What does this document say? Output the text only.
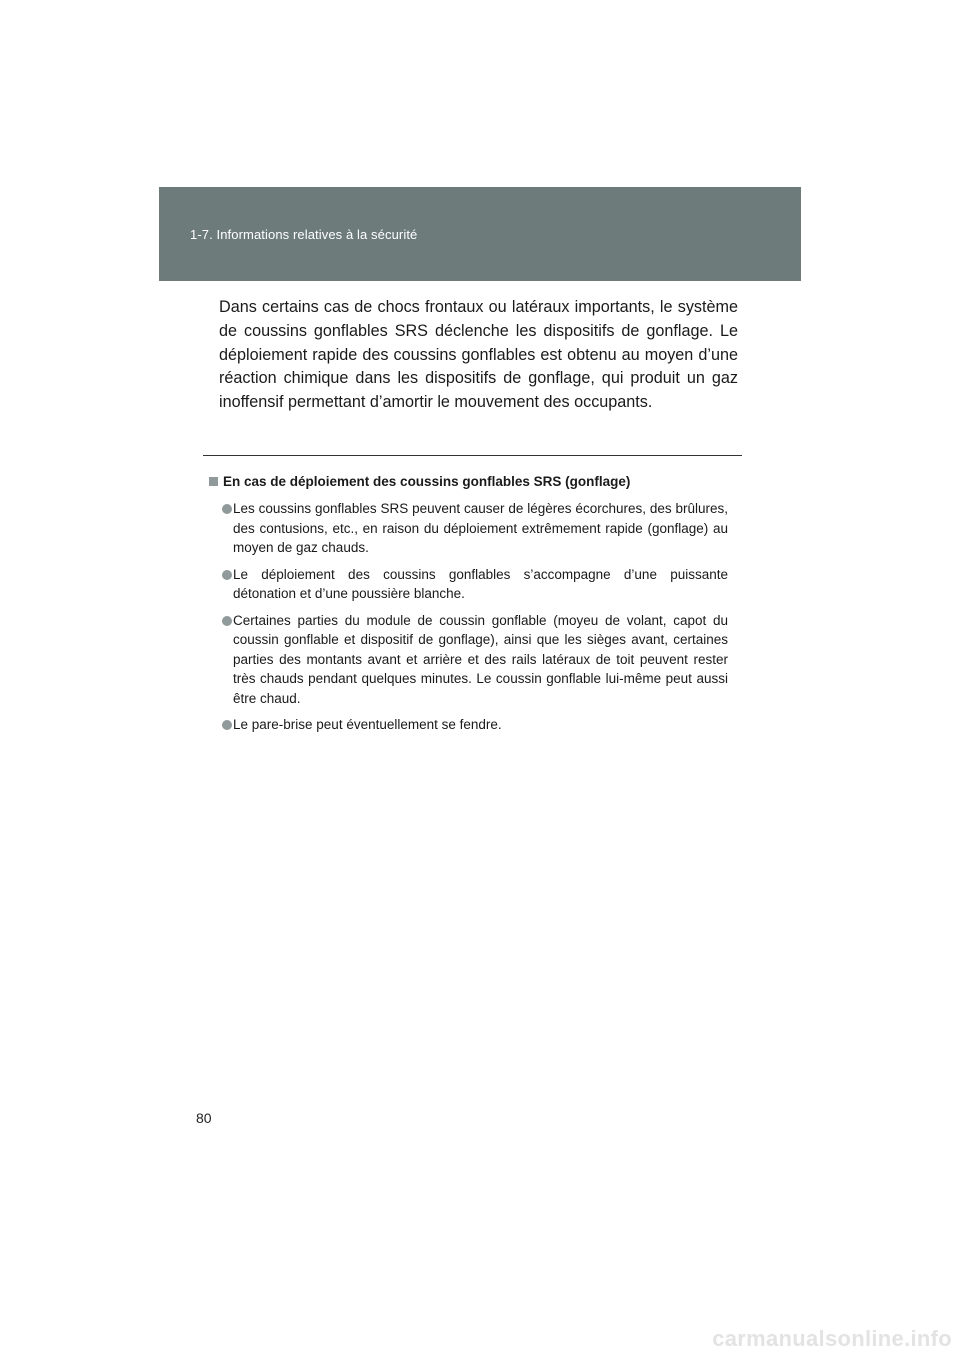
1-7. Informations relatives à la sécurité

Dans certains cas de chocs frontaux ou latéraux importants, le système de coussins gonflables SRS déclenche les dispositifs de gonflage. Le déploiement rapide des coussins gonflables est obtenu au moyen d’une réaction chimique dans les dispositifs de gonflage, qui produit un gaz inoffensif permettant d’amortir le mouvement des occupants.

En cas de déploiement des coussins gonflables SRS (gonflage)
Les coussins gonflables SRS peuvent causer de légères écorchures, des brûlures, des contusions, etc., en raison du déploiement extrêmement rapide (gonflage) au moyen de gaz chauds.
Le déploiement des coussins gonflables s’accompagne d’une puissante détonation et d’une poussière blanche.
Certaines parties du module de coussin gonflable (moyeu de volant, capot du coussin gonflable et dispositif de gonflage), ainsi que les sièges avant, certaines parties des montants avant et arrière et des rails latéraux de toit peuvent rester très chauds pendant quelques minutes. Le coussin gonflable lui-même peut aussi être chaud.
Le pare-brise peut éventuellement se fendre.
80
carmanualsonline.info
